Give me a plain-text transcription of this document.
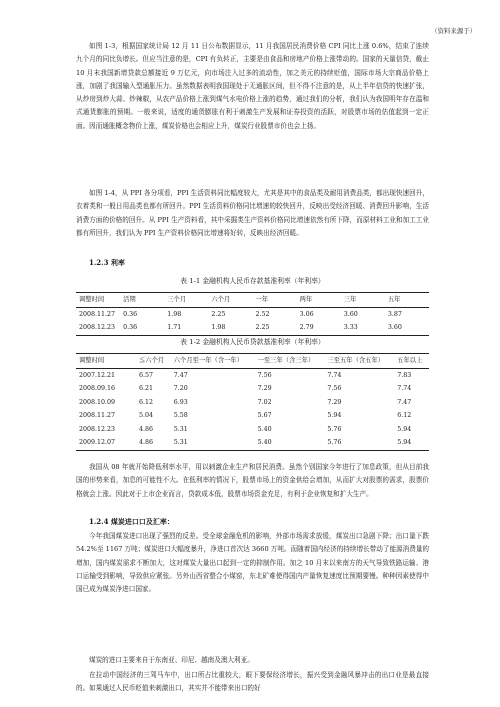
（资料来源于）

如图 1-3，根据国家统计局 12 月 11 日公布数据显示，11 月我国居民消费价格 CPI 同比上涨 0.6%，结束了连续九个月的同比负增长。但应当注意的是，CPI 有负转正，主要是由食品和房地产价格上涨带动的。国家的天量信贷，截止 10 月末我国新增贷款总额接近 9 万亿元，向市场注入过多的流动性，加之美元的持续贬值，国际市场大宗商品价格上涨，加剧了我国输入型通胀压力。虽然数据表明我国现处于无通胀区间，但不得不注意的是，从上半年信贷的快速扩张，从炒房到炒大蒜、炒辣椒，从农产品价格上涨到煤气水电价格上涨的趋势，通过我们的分析，我们认为我国明年存在温和式通货膨胀的预期。一般来说，适度的通货膨胀有利于刺激生产发展和证券投资的活跃，对股票市场的估值起到一定正面。因而通胀概念物价上涨，煤炭价格也会相应上升，煤炭行业股票市价也会上扬。

如图 1-4，从 PPI 各分项看，PPI 生活资料同比幅度较大，尤其是其中的食品类及耐用消费品类，都出现快速回升，衣着类和一般日用品类也都有所回升。PPI 生活资料价格同比增速的较快回升，反映出受经济回暖、消费回升影响，生活消费方面的价格的回升。从 PPI 生产资料看，其中采掘类生产资料价格同比增速依然有所下降，而原材料工业和加工工业都有所回升，我们认为 PPI 生产资料价格同比增速将好转，反映出经济回暖。

1.2.3 利率

表 1-1 金融机构人民币存款基准利率（年利率）
调整时间	活期	三个月	六个月	一年	两年	三年	五年
2008.11.27	0.36	1.98	2.25	2.52	3.06	3.60	3.87
2008.12.23	0.36	1.71	1.98	2.25	2.79	3.33	3.60
表 1-2 金融机构人民币贷款基准利率（年利率）
调整时间	≦六个月	六个月至一年（含一年）	一至三年（含三年）	三至五年（含五年）	五年以上
2007.12.21	6.57	7.47	7.56	7.74	7.83
2008.09.16	6.21	7.20	7.29	7.56	7.74
2008.10.09	6.12	6.93	7.02	7.29	7.47
2008.11.27	5.04	5.58	5.67	5.94	6.12
2008.12.23	4.86	5.31	5.40	5.76	5.94
2009.12.07	4.86	5.31	5.40	5.76	5.94

我国从 08 年就开始降低利率水平，用以刺激企业生产和居民消费。虽然个别国家今年进行了加息政策，但从目前我国的形势来看，加息的可能性不大。在低利率的情况下，股票市场上的资金供给会增加，从而扩大对股票的需求，股票价格就会上涨。因此对于上市企业而言，贷款成本低，股票市场资金充足，有利于企业恢复和扩大生产。

1.2.4 煤炭进口口及汇率：

今年我国煤炭进口出现了强烈的反差。受全球金融危机的影响，外部市场需求放缓，煤炭出口急剧下降；出口量下跌 54.2%至 1167 万吨；煤炭进口大幅度暴升，净进口首次达 3660 万吨。而随着国内经济的持续增长带动了能源消费量的增加，国内煤炭需求不断加大，这对煤炭大量出口起到一定的抑制作用。加之 10 月末以来南方的天气导致铁路运输、港口运输受到影响，导致供应紧张。另外山西省整合小煤窑，东北矿难使得国内产量恢复速度比预期要慢。种种因素使得中国已成为煤炭净进口国家。

煤炭的进口主要来自于东南亚、印尼、越南及澳大利亚。

在拉动中国经济的三驾马车中，出口所占比重较大，眼下要保经济增长，振兴受到金融风暴冲击的出口业是最直接的。如果通过人民币贬值来刺激出口，其实并不能带来出口的好
